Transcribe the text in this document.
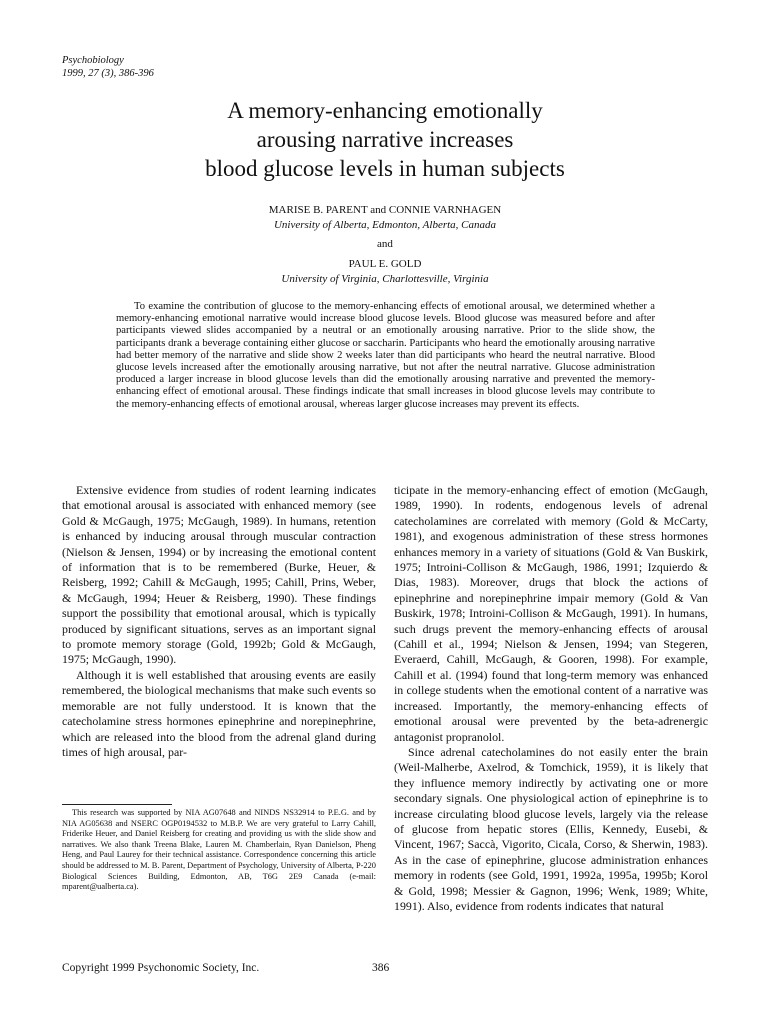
Psychobiology
1999, 27 (3), 386-396
A memory-enhancing emotionally
arousing narrative increases
blood glucose levels in human subjects
MARISE B. PARENT and CONNIE VARNHAGEN
University of Alberta, Edmonton, Alberta, Canada
and
PAUL E. GOLD
University of Virginia, Charlottesville, Virginia

To examine the contribution of glucose to the memory-enhancing effects of emotional arousal, we determined whether a memory-enhancing emotional narrative would increase blood glucose levels. Blood glucose was measured before and after participants viewed slides accompanied by a neutral or an emotionally arousing narrative. Prior to the slide show, the participants drank a beverage containing either glucose or saccharin. Participants who heard the emotionally arousing narrative had better memory of the narrative and slide show 2 weeks later than did participants who heard the neutral narrative. Blood glucose levels increased after the emotionally arousing narrative, but not after the neutral narrative. Glucose administration produced a larger increase in blood glucose levels than did the emotionally arousing narrative and prevented the memory-enhancing effect of emotional arousal. These findings indicate that small increases in blood glucose levels may contribute to the memory-enhancing effects of emotional arousal, whereas larger glucose increases may prevent its effects.

Extensive evidence from studies of rodent learning indicates that emotional arousal is associated with enhanced memory (see Gold & McGaugh, 1975; McGaugh, 1989). In humans, retention is enhanced by inducing arousal through muscular contraction (Nielson & Jensen, 1994) or by increasing the emotional content of information that is to be remembered (Burke, Heuer, & Reisberg, 1992; Cahill & McGaugh, 1995; Cahill, Prins, Weber, & McGaugh, 1994; Heuer & Reisberg, 1990). These findings support the possibility that emotional arousal, which is typically produced by significant situations, serves as an important signal to promote memory storage (Gold, 1992b; Gold & McGaugh, 1975; McGaugh, 1990).

Although it is well established that arousing events are easily remembered, the biological mechanisms that make such events so memorable are not fully understood. It is known that the catecholamine stress hormones epinephrine and norepinephrine, which are released into the blood from the adrenal gland during times of high arousal, par-

ticipate in the memory-enhancing effect of emotion (McGaugh, 1989, 1990). In rodents, endogenous levels of adrenal catecholamines are correlated with memory (Gold & McCarty, 1981), and exogenous administration of these stress hormones enhances memory in a variety of situations (Gold & Van Buskirk, 1975; Introini-Collison & McGaugh, 1986, 1991; Izquierdo & Dias, 1983). Moreover, drugs that block the actions of epinephrine and norepinephrine impair memory (Gold & Van Buskirk, 1978; Introini-Collison & McGaugh, 1991). In humans, such drugs prevent the memory-enhancing effects of arousal (Cahill et al., 1994; Nielson & Jensen, 1994; van Stegeren, Everaerd, Cahill, McGaugh, & Gooren, 1998). For example, Cahill et al. (1994) found that long-term memory was enhanced in college students when the emotional content of a narrative was increased. Importantly, the memory-enhancing effects of emotional arousal were prevented by the beta-adrenergic antagonist propranolol.

Since adrenal catecholamines do not easily enter the brain (Weil-Malherbe, Axelrod, & Tomchick, 1959), it is likely that they influence memory indirectly by activating one or more secondary signals. One physiological action of epinephrine is to increase circulating blood glucose levels, largely via the release of glucose from hepatic stores (Ellis, Kennedy, Eusebi, & Vincent, 1967; Saccà, Vigorito, Cicala, Corso, & Sherwin, 1983). As in the case of epinephrine, glucose administration enhances memory in rodents (see Gold, 1991, 1992a, 1995a, 1995b; Korol & Gold, 1998; Messier & Gagnon, 1996; Wenk, 1989; White, 1991). Also, evidence from rodents indicates that natural

This research was supported by NIA AG07648 and NINDS NS32914 to P.E.G. and by NIA AG05638 and NSERC OGP0194532 to M.B.P. We are very grateful to Larry Cahill, Friderike Heuer, and Daniel Reisberg for creating and providing us with the slide show and narratives. We also thank Treena Blake, Lauren M. Chamberlain, Ryan Danielson, Pheng Heng, and Paul Laurey for their technical assistance. Correspondence concerning this article should be addressed to M. B. Parent, Department of Psychology, University of Alberta, P-220 Biological Sciences Building, Edmonton, AB, T6G 2E9 Canada (e-mail: mparent@ualberta.ca).

Copyright 1999 Psychonomic Society, Inc.	386
